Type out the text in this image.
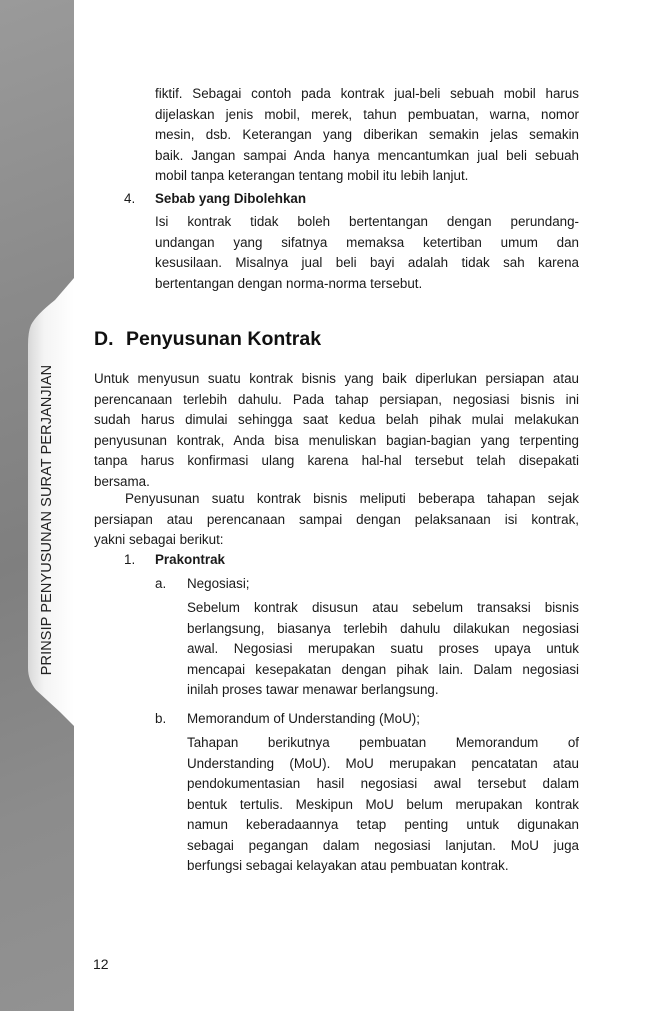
PRINSIP PENYUSUNAN SURAT PERJANJIAN
fiktif. Sebagai contoh pada kontrak jual-beli sebuah mobil harus
dijelaskan jenis mobil, merek, tahun pembuatan, warna, nomor
mesin, dsb. Keterangan yang diberikan semakin jelas semakin
baik. Jangan sampai Anda hanya mencantumkan jual beli sebuah
mobil tanpa keterangan tentang mobil itu lebih lanjut.
4. Sebab yang Dibolehkan
Isi kontrak tidak boleh bertentangan dengan perundang-
undangan yang sifatnya memaksa ketertiban umum dan
kesusilaan. Misalnya jual beli bayi adalah tidak sah karena
bertentangan dengan norma-norma tersebut.
D. Penyusunan Kontrak
Untuk menyusun suatu kontrak bisnis yang baik diperlukan persiapan atau
perencanaan terlebih dahulu. Pada tahap persiapan, negosiasi bisnis ini
sudah harus dimulai sehingga saat kedua belah pihak mulai melakukan
penyusunan kontrak, Anda bisa menuliskan bagian-bagian yang terpenting
tanpa harus konfirmasi ulang karena hal-hal tersebut telah disepakati
bersama.
Penyusunan suatu kontrak bisnis meliputi beberapa tahapan sejak
persiapan atau perencanaan sampai dengan pelaksanaan isi kontrak,
yakni sebagai berikut:
1. Prakontrak
a. Negosiasi;
Sebelum kontrak disusun atau sebelum transaksi bisnis
berlangsung, biasanya terlebih dahulu dilakukan negosiasi
awal. Negosiasi merupakan suatu proses upaya untuk
mencapai kesepakatan dengan pihak lain. Dalam negosiasi
inilah proses tawar menawar berlangsung.
b. Memorandum of Understanding (MoU);
Tahapan berikutnya pembuatan Memorandum of
Understanding (MoU). MoU merupakan pencatatan atau
pendokumentasian hasil negosiasi awal tersebut dalam
bentuk tertulis. Meskipun MoU belum merupakan kontrak
namun keberadaannya tetap penting untuk digunakan
sebagai pegangan dalam negosiasi lanjutan. MoU juga
berfungsi sebagai kelayakan atau pembuatan kontrak.
12
